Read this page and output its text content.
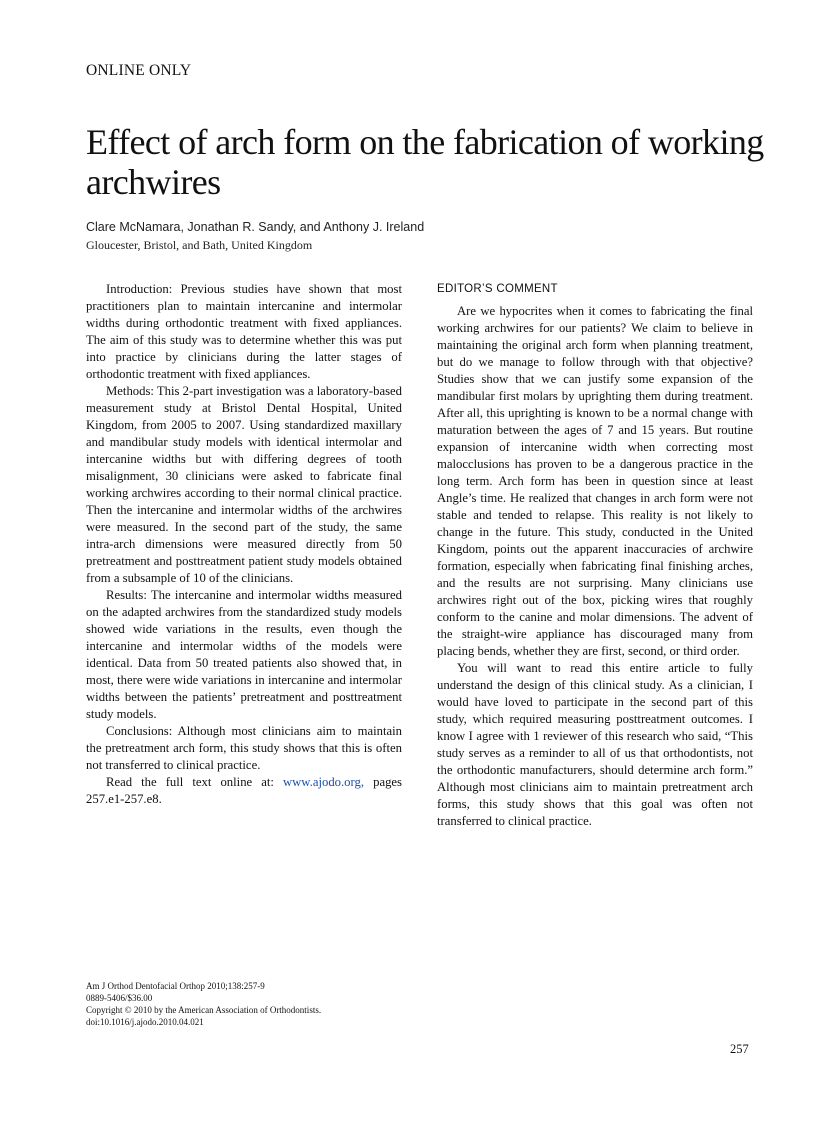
ONLINE ONLY
Effect of arch form on the fabrication of working archwires
Clare McNamara, Jonathan R. Sandy, and Anthony J. Ireland
Gloucester, Bristol, and Bath, United Kingdom

Introduction: Previous studies have shown that most practitioners plan to maintain intercanine and intermolar widths during orthodontic treatment with fixed appliances. The aim of this study was to determine whether this was put into practice by clinicians during the latter stages of orthodontic treatment with fixed appliances.

Methods: This 2-part investigation was a laboratory-based measurement study at Bristol Dental Hospital, United Kingdom, from 2005 to 2007. Using standardized maxillary and mandibular study models with identical intermolar and intercanine widths but with differing degrees of tooth misalignment, 30 clinicians were asked to fabricate final working archwires according to their normal clinical practice. Then the intercanine and intermolar widths of the archwires were measured. In the second part of the study, the same intra-arch dimensions were measured directly from 50 pretreatment and posttreatment patient study models obtained from a subsample of 10 of the clinicians.

Results: The intercanine and intermolar widths measured on the adapted archwires from the standardized study models showed wide variations in the results, even though the intercanine and intermolar widths of the models were identical. Data from 50 treated patients also showed that, in most, there were wide variations in intercanine and intermolar widths between the patients’ pretreatment and posttreatment study models.

Conclusions: Although most clinicians aim to maintain the pretreatment arch form, this study shows that this is often not transferred to clinical practice.

Read the full text online at: www.ajodo.org, pages 257.e1-257.e8.

EDITOR’S COMMENT

Are we hypocrites when it comes to fabricating the final working archwires for our patients? We claim to believe in maintaining the original arch form when planning treatment, but do we manage to follow through with that objective? Studies show that we can justify some expansion of the mandibular first molars by uprighting them during treatment. After all, this uprighting is known to be a normal change with maturation between the ages of 7 and 15 years. But routine expansion of intercanine width when correcting most malocclusions has proven to be a dangerous practice in the long term. Arch form has been in question since at least Angle’s time. He realized that changes in arch form were not stable and tended to relapse. This reality is not likely to change in the future. This study, conducted in the United Kingdom, points out the apparent inaccuracies of archwire formation, especially when fabricating final finishing arches, and the results are not surprising. Many clinicians use archwires right out of the box, picking wires that roughly conform to the canine and molar dimensions. The advent of the straight-wire appliance has discouraged many from placing bends, whether they are first, second, or third order.

You will want to read this entire article to fully understand the design of this clinical study. As a clinician, I would have loved to participate in the second part of this study, which required measuring posttreatment outcomes. I know I agree with 1 reviewer of this research who said, “This study serves as a reminder to all of us that orthodontists, not the orthodontic manufacturers, should determine arch form.” Although most clinicians aim to maintain pretreatment arch forms, this study shows that this goal was often not transferred to clinical practice.

Am J Orthod Dentofacial Orthop 2010;138:257-9
0889-5406/$36.00
Copyright © 2010 by the American Association of Orthodontists.
doi:10.1016/j.ajodo.2010.04.021
257
